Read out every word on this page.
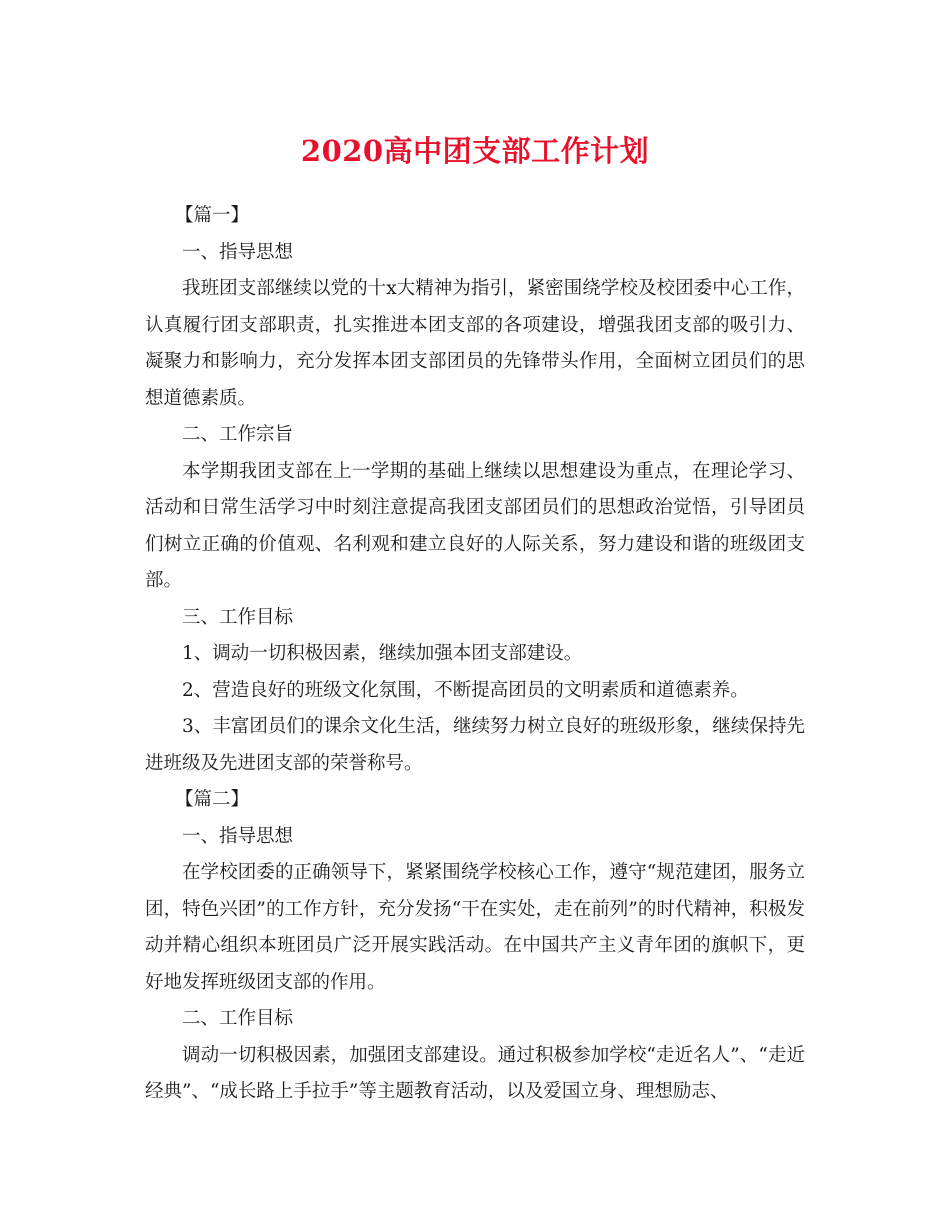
2020高中团支部工作计划

【篇一】

一、指导思想

我班团支部继续以党的十x大精神为指引，紧密围绕学校及校团委中心工作，认真履行团支部职责，扎实推进本团支部的各项建设，增强我团支部的吸引力、凝聚力和影响力，充分发挥本团支部团员的先锋带头作用，全面树立团员们的思想道德素质。

二、工作宗旨

本学期我团支部在上一学期的基础上继续以思想建设为重点，在理论学习、活动和日常生活学习中时刻注意提高我团支部团员们的思想政治觉悟，引导团员们树立正确的价值观、名利观和建立良好的人际关系，努力建设和谐的班级团支部。

三、工作目标

1、调动一切积极因素，继续加强本团支部建设。

2、营造良好的班级文化氛围，不断提高团员的文明素质和道德素养。

3、丰富团员们的课余文化生活，继续努力树立良好的班级形象，继续保持先进班级及先进团支部的荣誉称号。

【篇二】

一、指导思想

在学校团委的正确领导下，紧紧围绕学校核心工作，遵守“规范建团，服务立团，特色兴团”的工作方针，充分发扬“干在实处，走在前列”的时代精神，积极发动并精心组织本班团员广泛开展实践活动。在中国共产主义青年团的旗帜下，更好地发挥班级团支部的作用。

二、工作目标

调动一切积极因素，加强团支部建设。通过积极参加学校“走近名人”、“走近经典”、“成长路上手拉手”等主题教育活动，以及爱国立身、理想励志、
